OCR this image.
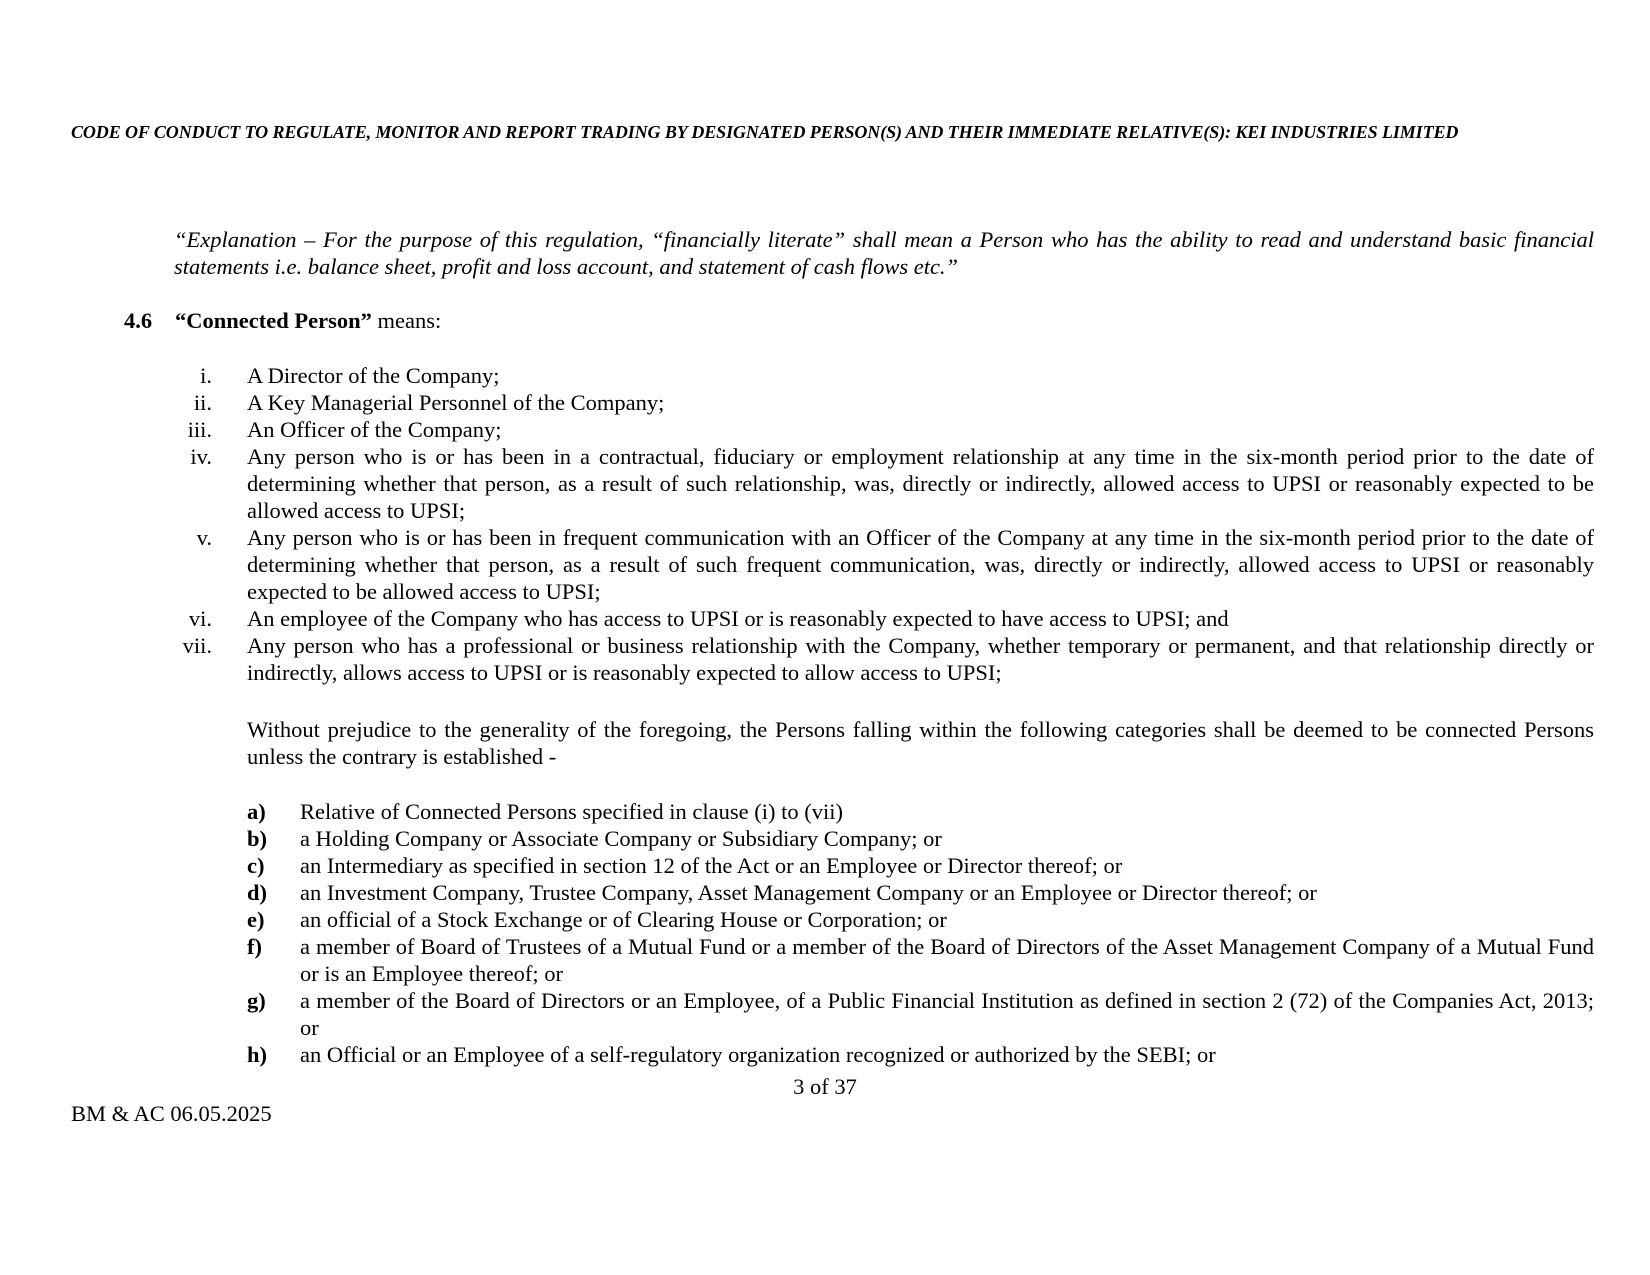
CODE OF CONDUCT TO REGULATE, MONITOR AND REPORT TRADING BY DESIGNATED PERSON(S) AND THEIR IMMEDIATE RELATIVE(S): KEI INDUSTRIES LIMITED
“Explanation – For the purpose of this regulation, “financially literate” shall mean a Person who has the ability to read and understand basic financial statements i.e. balance sheet, profit and loss account, and statement of cash flows etc.”
4.6 “Connected Person” means:
i. A Director of the Company;
ii. A Key Managerial Personnel of the Company;
iii. An Officer of the Company;
iv. Any person who is or has been in a contractual, fiduciary or employment relationship at any time in the six-month period prior to the date of determining whether that person, as a result of such relationship, was, directly or indirectly, allowed access to UPSI or reasonably expected to be allowed access to UPSI;
v. Any person who is or has been in frequent communication with an Officer of the Company at any time in the six-month period prior to the date of determining whether that person, as a result of such frequent communication, was, directly or indirectly, allowed access to UPSI or reasonably expected to be allowed access to UPSI;
vi. An employee of the Company who has access to UPSI or is reasonably expected to have access to UPSI; and
vii. Any person who has a professional or business relationship with the Company, whether temporary or permanent, and that relationship directly or indirectly, allows access to UPSI or is reasonably expected to allow access to UPSI;
Without prejudice to the generality of the foregoing, the Persons falling within the following categories shall be deemed to be connected Persons unless the contrary is established -
a) Relative of Connected Persons specified in clause (i) to (vii)
b) a Holding Company or Associate Company or Subsidiary Company; or
c) an Intermediary as specified in section 12 of the Act or an Employee or Director thereof; or
d) an Investment Company, Trustee Company, Asset Management Company or an Employee or Director thereof; or
e) an official of a Stock Exchange or of Clearing House or Corporation; or
f) a member of Board of Trustees of a Mutual Fund or a member of the Board of Directors of the Asset Management Company of a Mutual Fund or is an Employee thereof; or
g) a member of the Board of Directors or an Employee, of a Public Financial Institution as defined in section 2 (72) of the Companies Act, 2013; or
h) an Official or an Employee of a self-regulatory organization recognized or authorized by the SEBI; or
3 of 37
BM & AC 06.05.2025
